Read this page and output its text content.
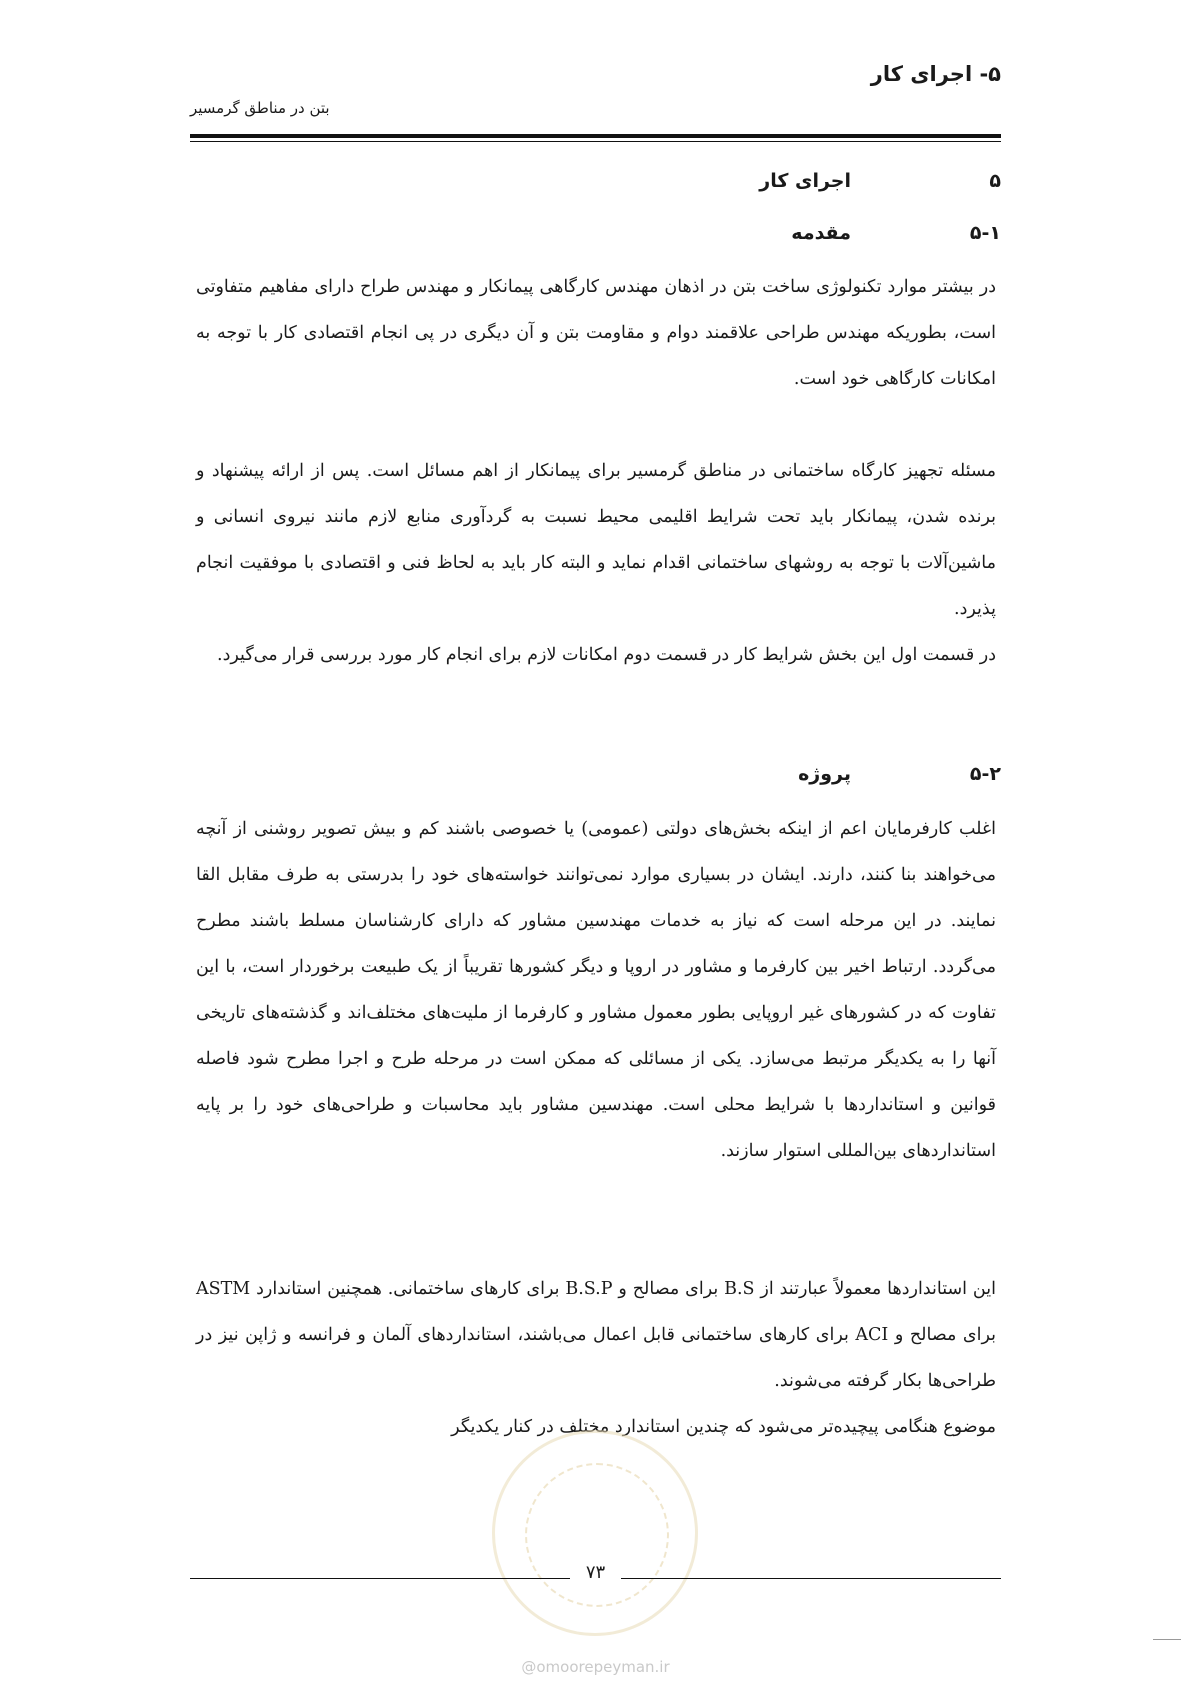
۵- اجرای کار
بتن در مناطق گرمسیر
۵
اجرای کار
۵-۱
مقدمه

در بیشتر موارد تکنولوژی ساخت بتن در اذهان مهندس کارگاهی پیمانکار و مهندس طراح دارای مفاهیم متفاوتی است، بطوریکه مهندس طراحی علاقمند دوام و مقاومت بتن و آن دیگری در پی انجام اقتصادی کار با توجه به امکانات کارگاهی خود است.

مسئله تجهیز کارگاه ساختمانی در مناطق گرمسیر برای پیمانکار از اهم مسائل است. پس از ارائه پیشنهاد و برنده شدن، پیمانکار باید تحت شرایط اقلیمی محیط نسبت به گردآوری منابع لازم مانند نیروی انسانی و ماشین‌آلات با توجه به روشهای ساختمانی اقدام نماید و البته کار باید به لحاظ فنی و اقتصادی با موفقیت انجام پذیرد.

در قسمت اول این بخش شرایط کار در قسمت دوم امکانات لازم برای انجام کار مورد بررسی قرار می‌گیرد.

۵-۲
پروژه

اغلب کارفرمایان اعم از اینکه بخش‌های دولتی (عمومی) یا خصوصی باشند کم و بیش تصویر روشنی از آنچه می‌خواهند بنا کنند، دارند. ایشان در بسیاری موارد نمی‌توانند خواسته‌های خود را بدرستی به طرف مقابل القا نمایند. در این مرحله است که نیاز به خدمات مهندسین مشاور که دارای کارشناسان مسلط باشند مطرح می‌گردد. ارتباط اخیر بین کارفرما و مشاور در اروپا و دیگر کشورها تقریباً از یک طبیعت برخوردار است، با این تفاوت که در کشورهای غیر اروپایی بطور معمول مشاور و کارفرما از ملیت‌های مختلف‌اند و گذشته‌های تاریخی آنها را به یکدیگر مرتبط می‌سازد. یکی از مسائلی که ممکن است در مرحله طرح و اجرا مطرح شود فاصله قوانین و استانداردها با شرایط محلی است. مهندسین مشاور باید محاسبات و طراحی‌های خود را بر پایه استانداردهای بین‌المللی استوار سازند.

این استانداردها معمولاً عبارتند از B.S برای مصالح و B.S.P برای کارهای ساختمانی. همچنین استاندارد ASTM برای مصالح و ACI برای کارهای ساختمانی قابل اعمال می‌باشند، استانداردهای آلمان و فرانسه و ژاپن نیز در طراحی‌ها بکار گرفته می‌شوند.

موضوع هنگامی پیچیده‌تر می‌شود که چندین استاندارد مختلف در کنار یکدیگر

۷۳
@omoorepeyman.ir
